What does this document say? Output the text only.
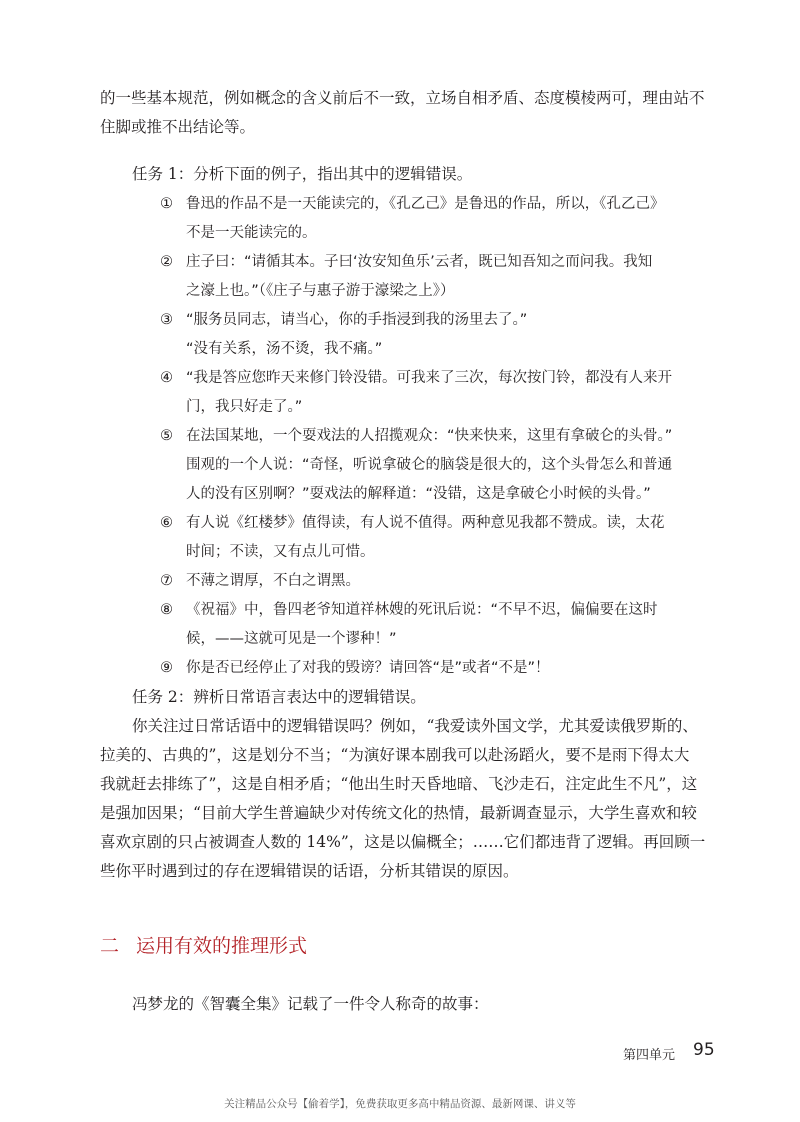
的一些基本规范，例如概念的含义前后不一致，立场自相矛盾、态度模棱两可，理由站不
住脚或推不出结论等。

任务 1：分析下面的例子，指出其中的逻辑错误。
① 鲁迅的作品不是一天能读完的，《孔乙己》是鲁迅的作品，所以，《孔乙己》
不是一天能读完的。
② 庄子曰：“请循其本。子曰‘汝安知鱼乐’云者，既已知吾知之而问我。我知
之濠上也。”（《庄子与惠子游于濠梁之上》）
③ “服务员同志，请当心，你的手指浸到我的汤里去了。”
“没有关系，汤不烫，我不痛。”
④ “我是答应您昨天来修门铃没错。可我来了三次，每次按门铃，都没有人来开
门，我只好走了。”
⑤ 在法国某地，一个耍戏法的人招揽观众：“快来快来，这里有拿破仑的头骨。”
围观的一个人说：“奇怪，听说拿破仑的脑袋是很大的，这个头骨怎么和普通
人的没有区别啊？”耍戏法的解释道：“没错，这是拿破仑小时候的头骨。”
⑥ 有人说《红楼梦》值得读，有人说不值得。两种意见我都不赞成。读，太花
时间；不读，又有点儿可惜。
⑦ 不薄之谓厚，不白之谓黑。
⑧ 《祝福》中，鲁四老爷知道祥林嫂的死讯后说：“不早不迟，偏偏要在这时
候，——这就可见是一个谬种！”
⑨ 你是否已经停止了对我的毁谤？请回答“是”或者“不是”！
任务 2：辨析日常语言表达中的逻辑错误。

你关注过日常话语中的逻辑错误吗？例如，“我爱读外国文学，尤其爱读俄罗斯的、
拉美的、古典的”，这是划分不当；“为演好课本剧我可以赴汤蹈火，要不是雨下得太大
我就赶去排练了”，这是自相矛盾；“他出生时天昏地暗、飞沙走石，注定此生不凡”，这
是强加因果；“目前大学生普遍缺少对传统文化的热情，最新调查显示，大学生喜欢和较
喜欢京剧的只占被调查人数的 14%”，这是以偏概全；……它们都违背了逻辑。再回顾一
些你平时遇到过的存在逻辑错误的话语，分析其错误的原因。

二 运用有效的推理形式
冯梦龙的《智囊全集》记载了一件令人称奇的故事：
第四单元 95
关注精品公众号【偷着学】，免费获取更多高中精品资源、最新网课、讲义等
